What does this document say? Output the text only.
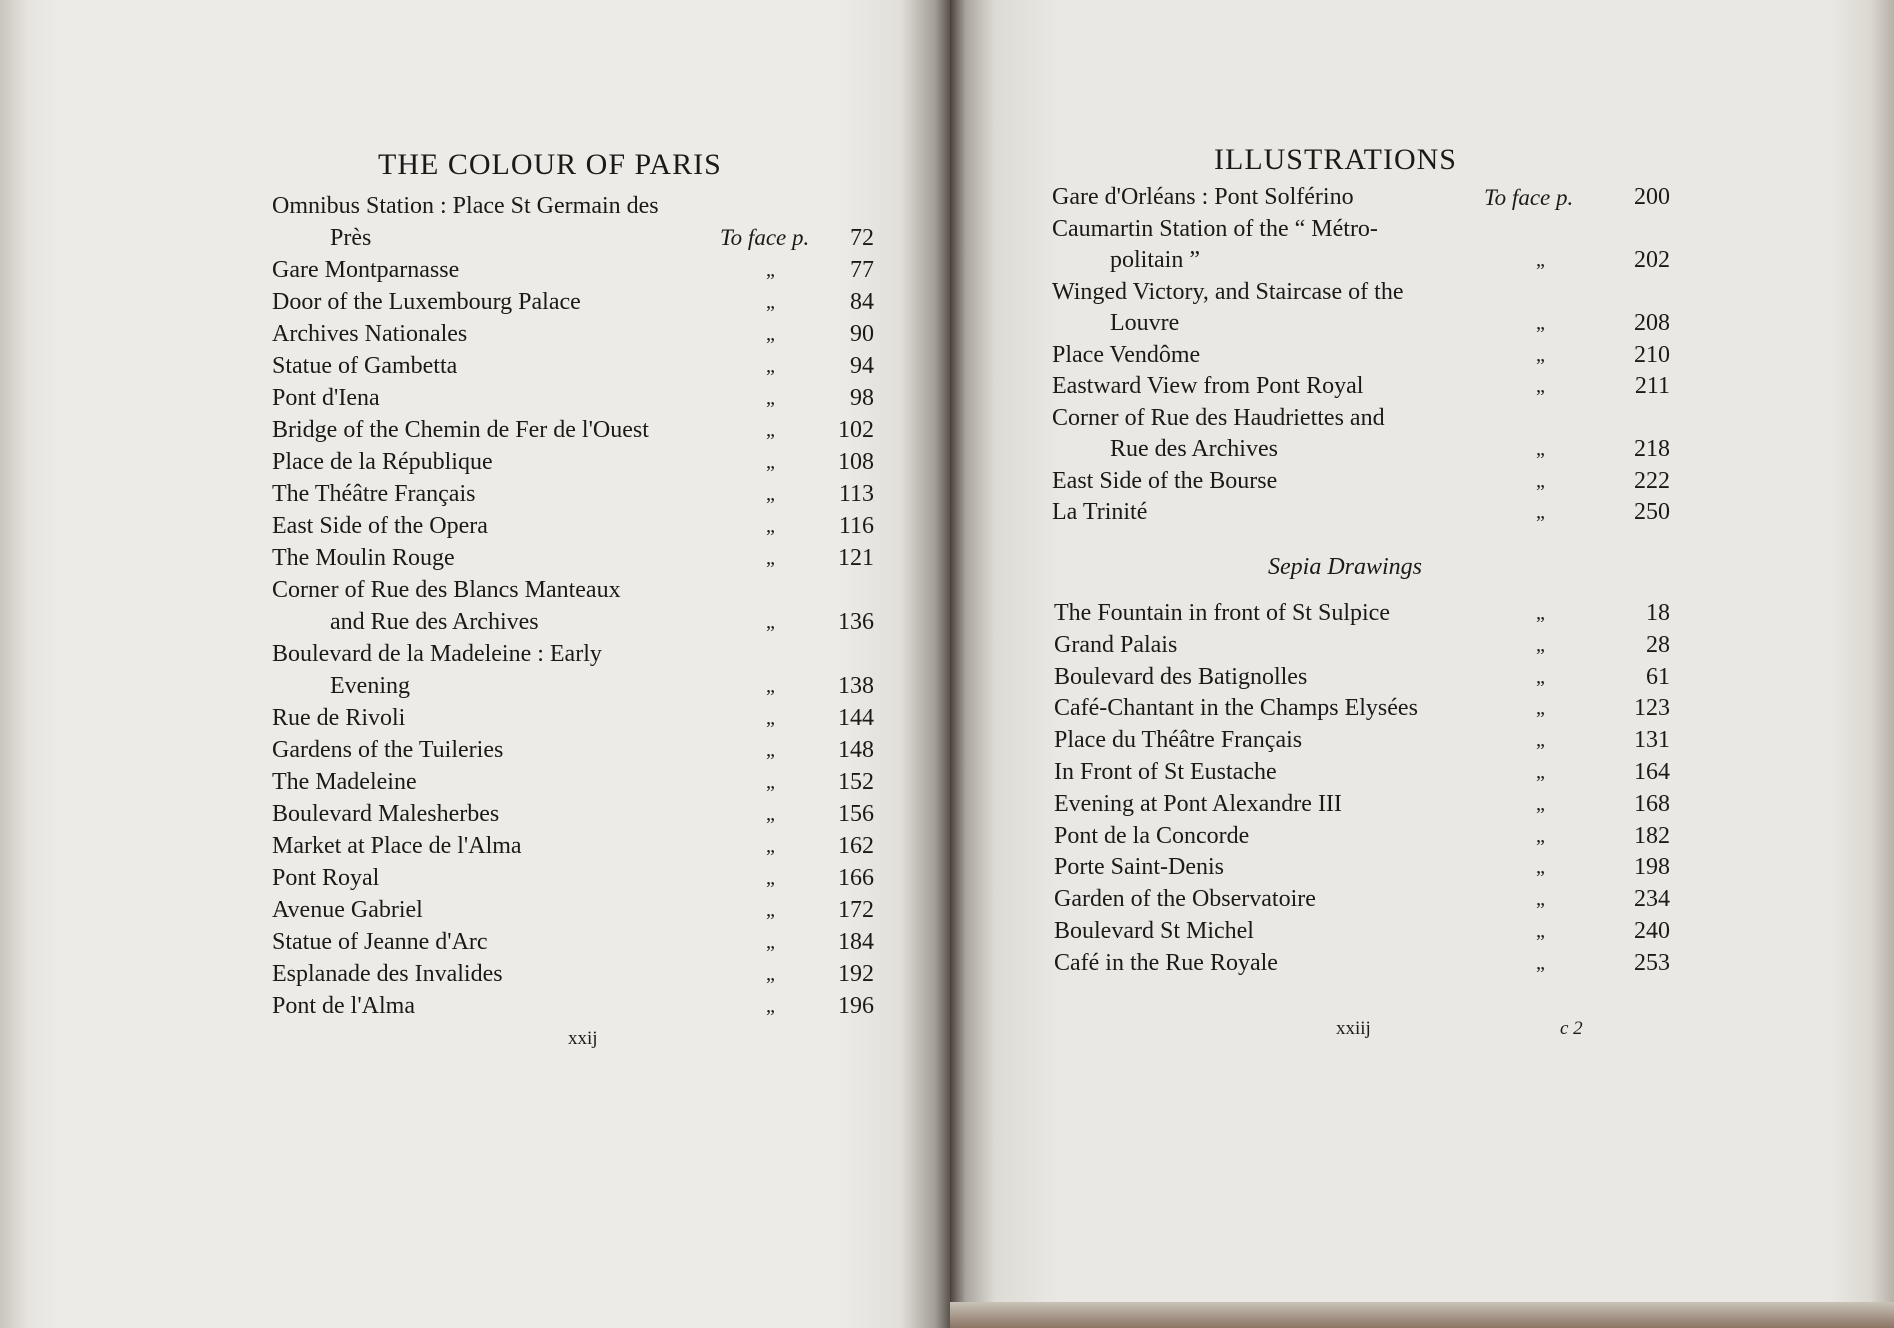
THE COLOUR OF PARIS
Omnibus Station : Place St Germain des
Près	To face p.	72
Gare Montparnasse	„	77
Door of the Luxembourg Palace	„	84
Archives Nationales	„	90
Statue of Gambetta	„	94
Pont d'Iena	„	98
Bridge of the Chemin de Fer de l'Ouest	„	102
Place de la République	„	108
The Théâtre Français	„	113
East Side of the Opera	„	116
The Moulin Rouge	„	121
Corner of Rue des Blancs Manteaux
and Rue des Archives	„	136
Boulevard de la Madeleine : Early
Evening	„	138
Rue de Rivoli	„	144
Gardens of the Tuileries	„	148
The Madeleine	„	152
Boulevard Malesherbes	„	156
Market at Place de l'Alma	„	162
Pont Royal	„	166
Avenue Gabriel	„	172
Statue of Jeanne d'Arc	„	184
Esplanade des Invalides	„	192
Pont de l'Alma	„	196
xxij
ILLUSTRATIONS
Gare d'Orléans : Pont Solférino	To face p.	200
Caumartin Station of the “ Métro-
politain ”	„	202
Winged Victory, and Staircase of the
Louvre	„	208
Place Vendôme	„	210
Eastward View from Pont Royal	„	211
Corner of Rue des Haudriettes and
Rue des Archives	„	218
East Side of the Bourse	„	222
La Trinité	„	250
Sepia Drawings
The Fountain in front of St Sulpice	„	18
Grand Palais	„	28
Boulevard des Batignolles	„	61
Café-Chantant in the Champs Elysées	„	123
Place du Théâtre Français	„	131
In Front of St Eustache	„	164
Evening at Pont Alexandre III	„	168
Pont de la Concorde	„	182
Porte Saint-Denis	„	198
Garden of the Observatoire	„	234
Boulevard St Michel	„	240
Café in the Rue Royale	„	253
xxiij	c 2
